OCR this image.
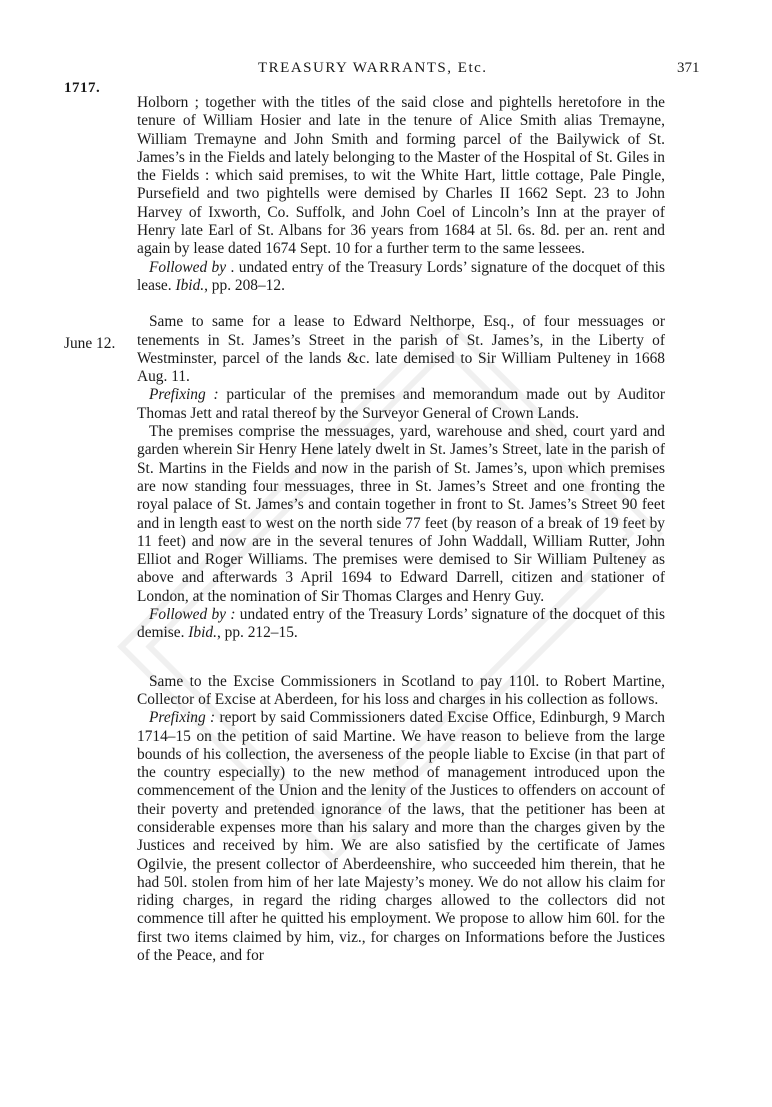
1717.
TREASURY WARRANTS, Etc.	371
June 12.

Holborn ; together with the titles of the said close and pightells heretofore in the tenure of William Hosier and late in the tenure of Alice Smith alias Tremayne, William Tremayne and John Smith and forming parcel of the Bailywick of St. James’s in the Fields and lately belonging to the Master of the Hospital of St. Giles in the Fields : which said premises, to wit the White Hart, little cottage, Pale Pingle, Pursefield and two pightells were demised by Charles II 1662 Sept. 23 to John Harvey of Ixworth, Co. Suffolk, and John Coel of Lincoln’s Inn at the prayer of Henry late Earl of St. Albans for 36 years from 1684 at 5l. 6s. 8d. per an. rent and again by lease dated 1674 Sept. 10 for a further term to the same lessees.

Followed by . undated entry of the Treasury Lords’ signature of the docquet of this lease. Ibid., pp. 208–12.

Same to same for a lease to Edward Nelthorpe, Esq., of four messuages or tenements in St. James’s Street in the parish of St. James’s, in the Liberty of Westminster, parcel of the lands &c. late demised to Sir William Pulteney in 1668 Aug. 11.

Prefixing : particular of the premises and memorandum made out by Auditor Thomas Jett and ratal thereof by the Surveyor General of Crown Lands.

The premises comprise the messuages, yard, warehouse and shed, court yard and garden wherein Sir Henry Hene lately dwelt in St. James’s Street, late in the parish of St. Martins in the Fields and now in the parish of St. James’s, upon which premises are now standing four messuages, three in St. James’s Street and one fronting the royal palace of St. James’s and contain together in front to St. James’s Street 90 feet and in length east to west on the north side 77 feet (by reason of a break of 19 feet by 11 feet) and now are in the several tenures of John Waddall, William Rutter, John Elliot and Roger Williams. The premises were demised to Sir William Pulteney as above and afterwards 3 April 1694 to Edward Darrell, citizen and stationer of London, at the nomination of Sir Thomas Clarges and Henry Guy.

Followed by : undated entry of the Treasury Lords’ signature of the docquet of this demise. Ibid., pp. 212–15.

Same to the Excise Commissioners in Scotland to pay 110l. to Robert Martine, Collector of Excise at Aberdeen, for his loss and charges in his collection as follows.

Prefixing : report by said Commissioners dated Excise Office, Edinburgh, 9 March 1714–15 on the petition of said Martine. We have reason to believe from the large bounds of his collection, the averseness of the people liable to Excise (in that part of the country especially) to the new method of management introduced upon the commencement of the Union and the lenity of the Justices to offenders on account of their poverty and pretended ignorance of the laws, that the petitioner has been at considerable expenses more than his salary and more than the charges given by the Justices and received by him. We are also satisfied by the certificate of James Ogilvie, the present collector of Aberdeenshire, who succeeded him therein, that he had 50l. stolen from him of her late Majesty’s money. We do not allow his claim for riding charges, in regard the riding charges allowed to the collectors did not commence till after he quitted his employment. We propose to allow him 60l. for the first two items claimed by him, viz., for charges on Informations before the Justices of the Peace, and for
